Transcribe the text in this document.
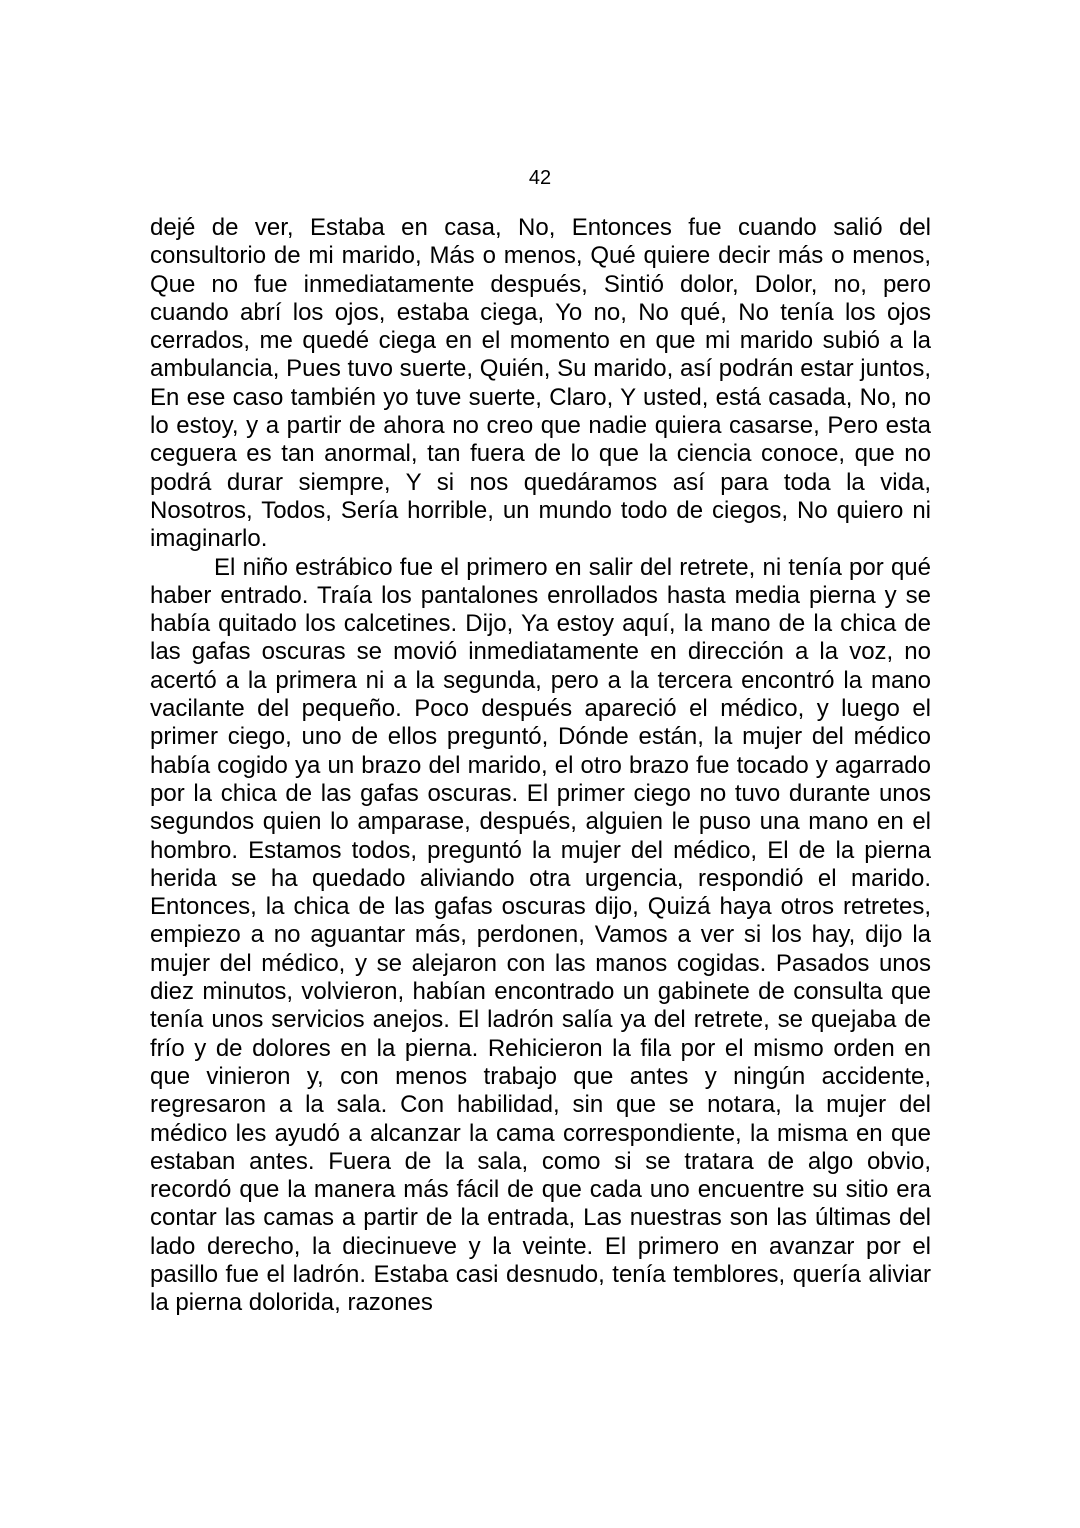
42

dejé de ver, Estaba en casa, No, Entonces fue cuando salió del consultorio de mi marido, Más o menos, Qué quiere decir más o menos, Que no fue inmediatamente después, Sintió dolor, Dolor, no, pero cuando abrí los ojos, estaba ciega, Yo no, No qué, No tenía los ojos cerrados, me quedé ciega en el momento en que mi marido subió a la ambulancia, Pues tuvo suerte, Quién, Su marido, así podrán estar juntos, En ese caso también yo tuve suerte, Claro, Y usted, está casada, No, no lo estoy, y a partir de ahora no creo que nadie quiera casarse, Pero esta ceguera es tan anormal, tan fuera de lo que la ciencia conoce, que no podrá durar siempre, Y si nos quedáramos así para toda la vida, Nosotros, Todos, Sería horrible, un mundo todo de ciegos, No quiero ni imaginarlo.

El niño estrábico fue el primero en salir del retrete, ni tenía por qué haber entrado. Traía los pantalones enrollados hasta media pierna y se había quitado los calcetines. Dijo, Ya estoy aquí, la mano de la chica de las gafas oscuras se movió inmediatamente en dirección a la voz, no acertó a la primera ni a la segunda, pero a la tercera encontró la mano vacilante del pequeño. Poco después apareció el médico, y luego el primer ciego, uno de ellos preguntó, Dónde están, la mujer del médico había cogido ya un brazo del marido, el otro brazo fue tocado y agarrado por la chica de las gafas oscuras. El primer ciego no tuvo durante unos segundos quien lo amparase, después, alguien le puso una mano en el hombro. Estamos todos, preguntó la mujer del médico, El de la pierna herida se ha quedado aliviando otra urgencia, respondió el marido. Entonces, la chica de las gafas oscuras dijo, Quizá haya otros retretes, empiezo a no aguantar más, perdonen, Vamos a ver si los hay, dijo la mujer del médico, y se alejaron con las manos cogidas. Pasados unos diez minutos, volvieron, habían encontrado un gabinete de consulta que tenía unos servicios anejos. El ladrón salía ya del retrete, se quejaba de frío y de dolores en la pierna. Rehicieron la fila por el mismo orden en que vinieron y, con menos trabajo que antes y ningún accidente, regresaron a la sala. Con habilidad, sin que se notara, la mujer del médico les ayudó a alcanzar la cama correspondiente, la misma en que estaban antes. Fuera de la sala, como si se tratara de algo obvio, recordó que la manera más fácil de que cada uno encuentre su sitio era contar las camas a partir de la entrada, Las nuestras son las últimas del lado derecho, la diecinueve y la veinte. El primero en avanzar por el pasillo fue el ladrón. Estaba casi desnudo, tenía temblores, quería aliviar la pierna dolorida, razones
